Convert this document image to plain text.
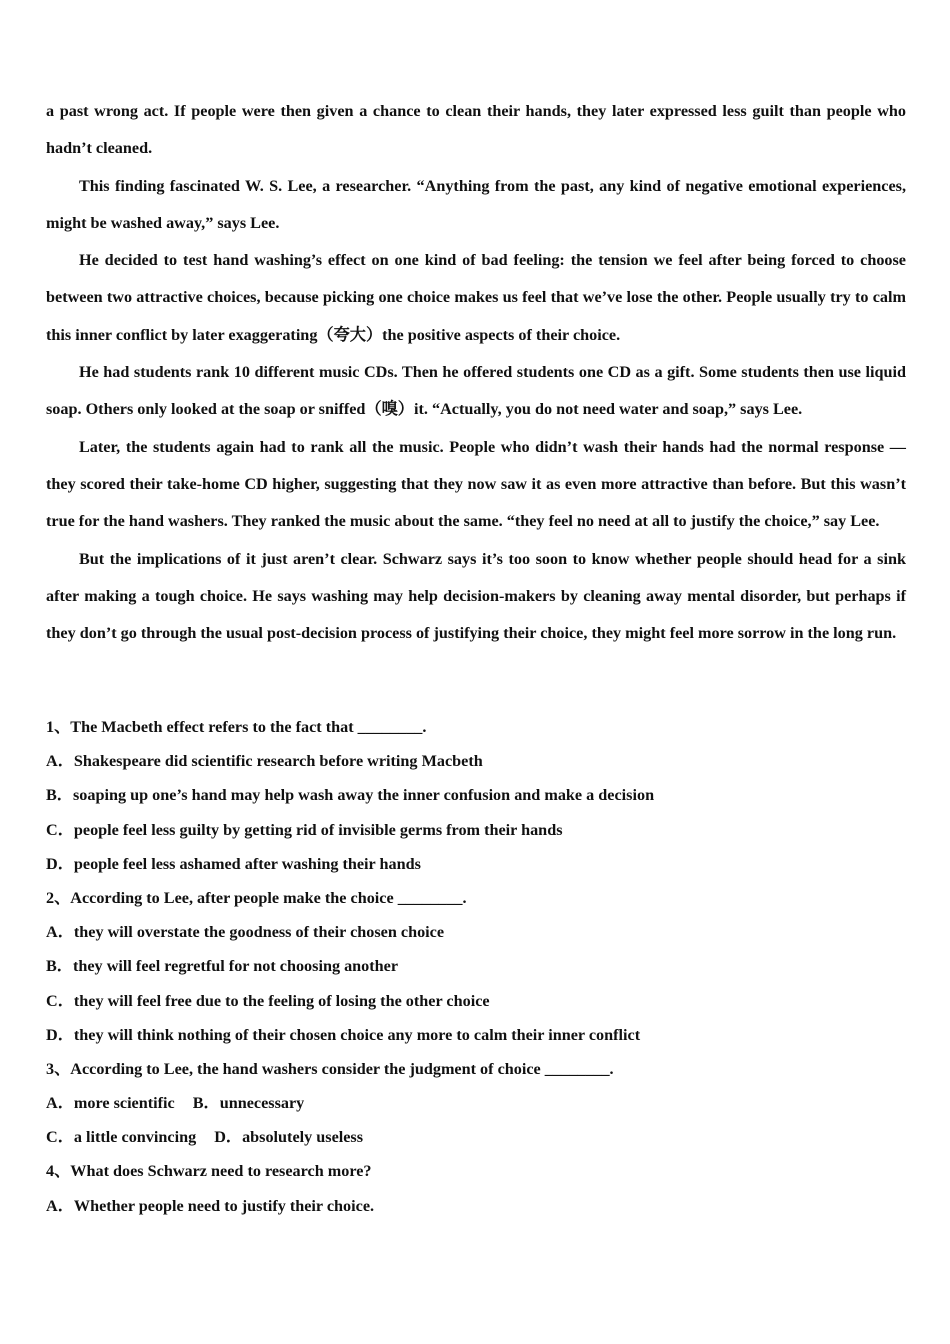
a past wrong act. If people were then given a chance to clean their hands, they later expressed less guilt than people who hadn’t cleaned.

This finding fascinated W. S. Lee, a researcher. “Anything from the past, any kind of negative emotional experiences, might be washed away,” says Lee.

He decided to test hand washing’s effect on one kind of bad feeling: the tension we feel after being forced to choose between two attractive choices, because picking one choice makes us feel that we’ve lose the other. People usually try to calm this inner conflict by later exaggerating（夸大）the positive aspects of their choice.

He had students rank 10 different music CDs. Then he offered students one CD as a gift. Some students then use liquid soap. Others only looked at the soap or sniffed（嗅）it. “Actually, you do not need water and soap,” says Lee.

Later, the students again had to rank all the music. People who didn’t wash their hands had the normal response — they scored their take-home CD higher, suggesting that they now saw it as even more attractive than before. But this wasn’t true for the hand washers. They ranked the music about the same. “they feel no need at all to justify the choice,” say Lee.

But the implications of it just aren’t clear. Schwarz says it’s too soon to know whether people should head for a sink after making a tough choice. He says washing may help decision-makers by cleaning away mental disorder, but perhaps if they don’t go through the usual post-decision process of justifying their choice, they might feel more sorrow in the long run.

1、The Macbeth effect refers to the fact that ________.
A．Shakespeare did scientific research before writing Macbeth
B．soaping up one’s hand may help wash away the inner confusion and make a decision
C．people feel less guilty by getting rid of invisible germs from their hands
D．people feel less ashamed after washing their hands
2、According to Lee, after people make the choice ________.
A．they will overstate the goodness of their chosen choice
B．they will feel regretful for not choosing another
C．they will feel free due to the feeling of losing the other choice
D．they will think nothing of their chosen choice any more to calm their inner conflict
3、According to Lee, the hand washers consider the judgment of choice ________.
A．more scientific B．unnecessary
C．a little convincing D．absolutely useless
4、What does Schwarz need to research more?
A．Whether people need to justify their choice.
